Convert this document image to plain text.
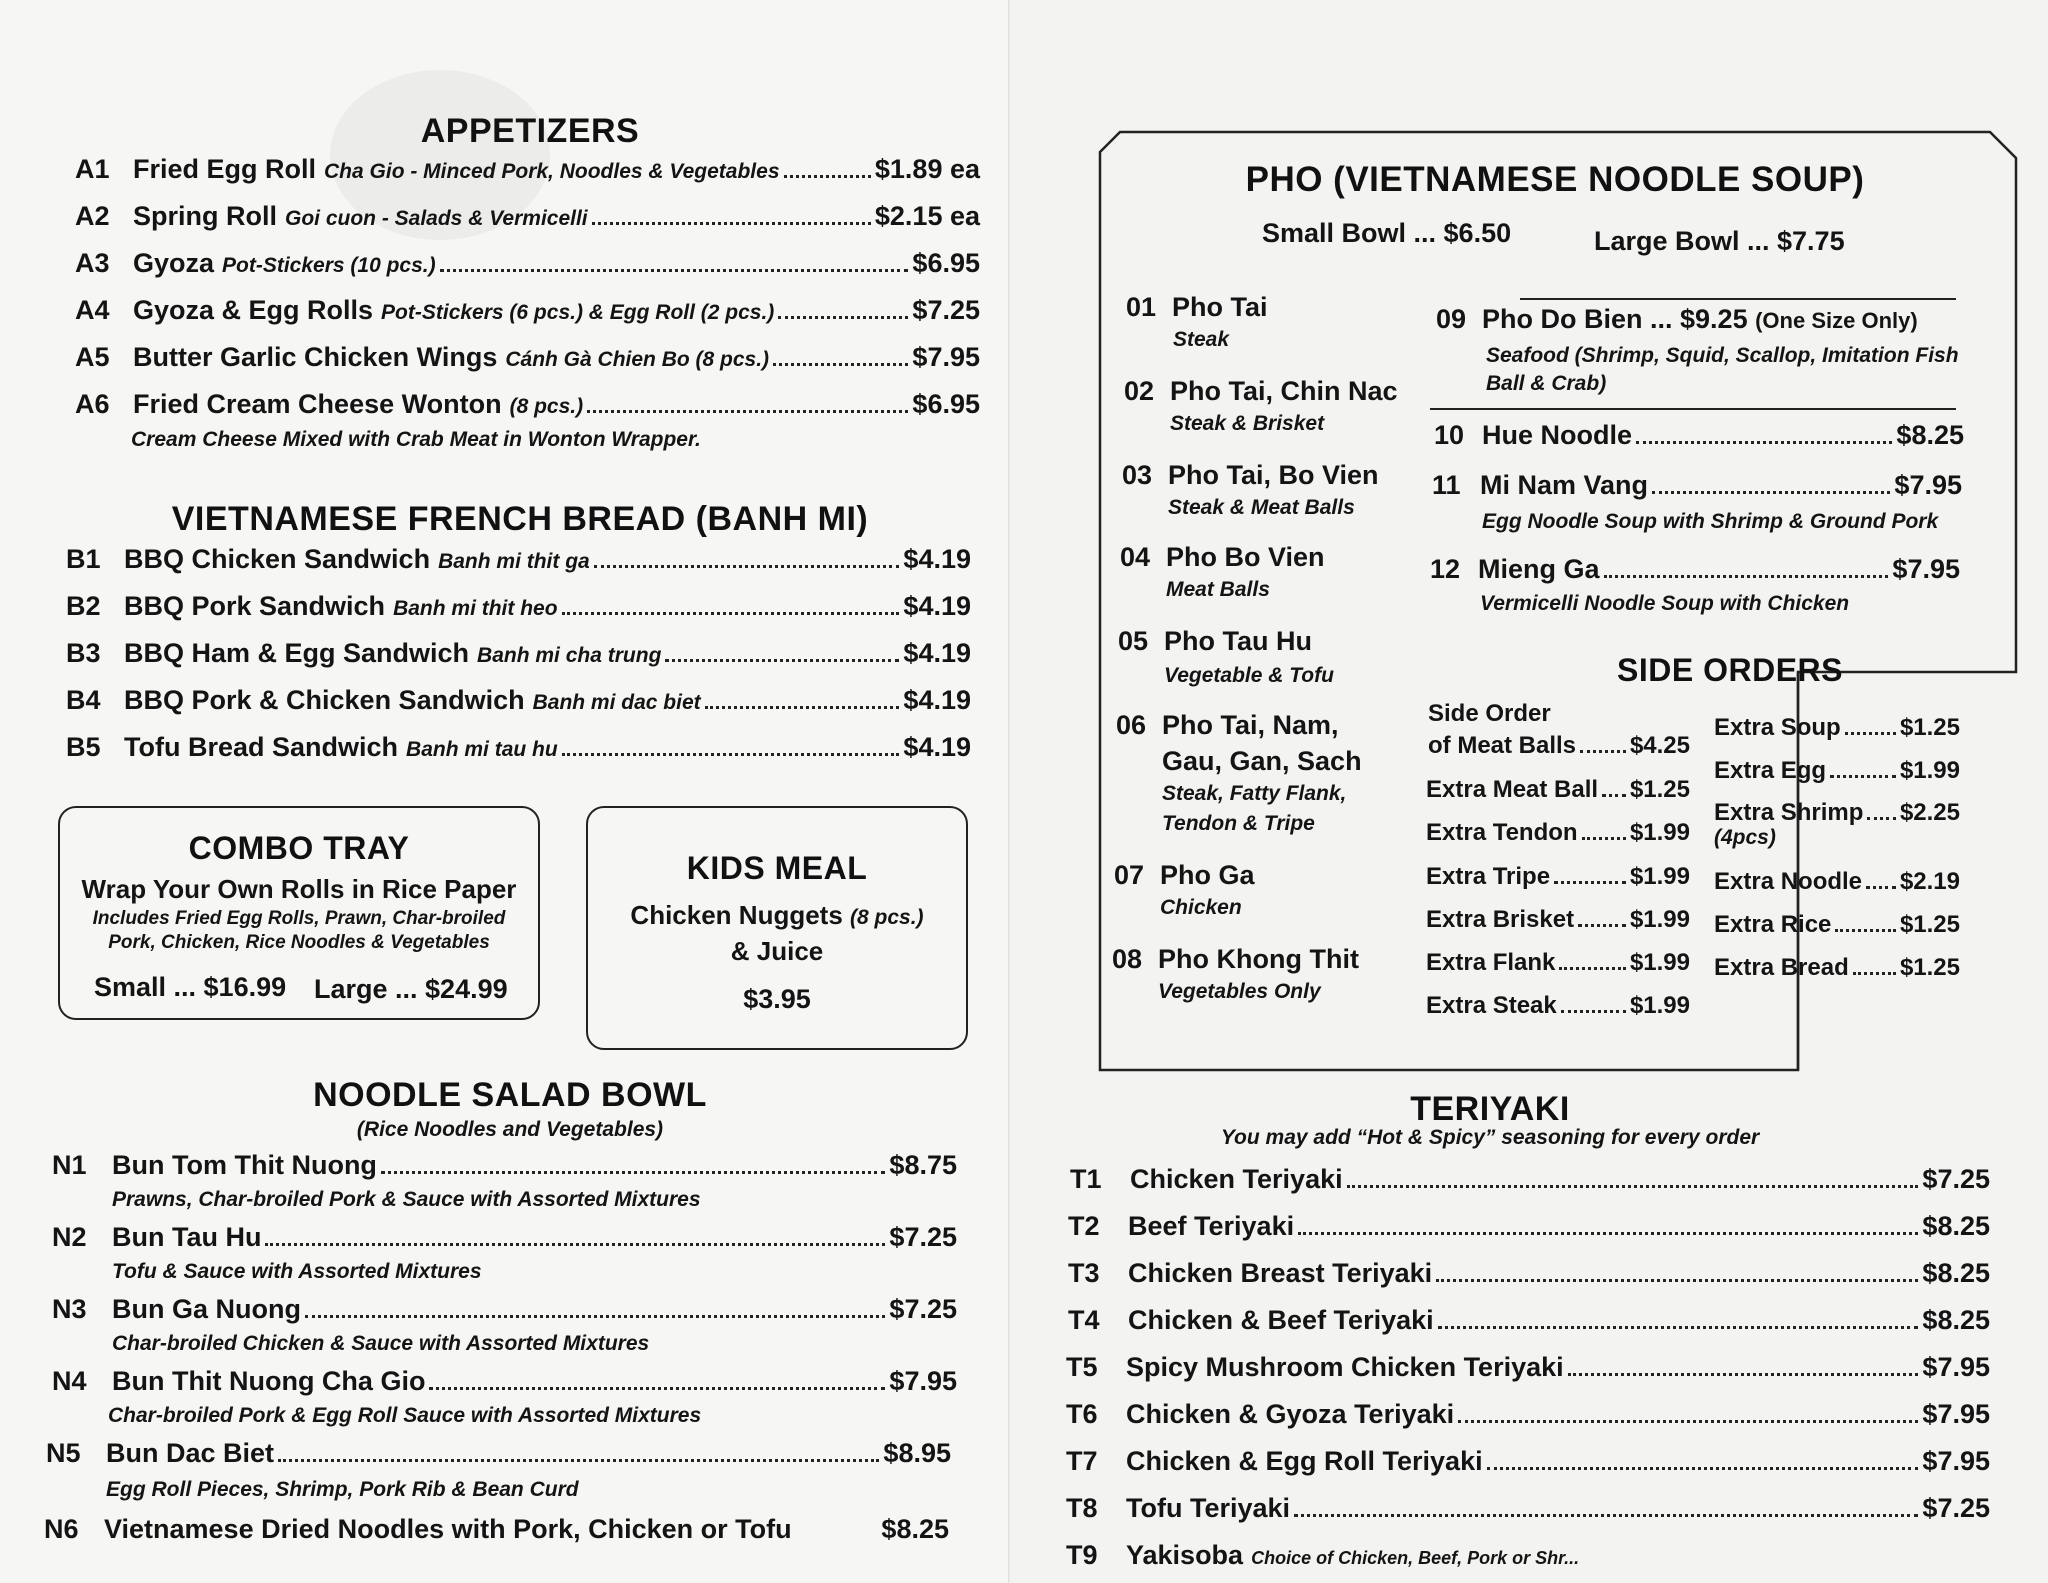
APPETIZERS
A1 Fried Egg Roll Cha Gio - Minced Pork, Noodles & Vegetables	$1.89 ea
A2 Spring Roll Goi cuon - Salads & Vermicelli	$2.15 ea
A3 Gyoza Pot-Stickers (10 pcs.)	$6.95
A4 Gyoza & Egg Rolls Pot-Stickers (6 pcs.) & Egg Roll (2 pcs.)	$7.25
A5 Butter Garlic Chicken Wings Cánh Gà Chien Bo (8 pcs.)	$7.95
A6 Fried Cream Cheese Wonton (8 pcs.)	$6.95
Cream Cheese Mixed with Crab Meat in Wonton Wrapper.
VIETNAMESE FRENCH BREAD (BANH MI)
B1 BBQ Chicken Sandwich Banh mi thit ga	$4.19
B2 BBQ Pork Sandwich Banh mi thit heo	$4.19
B3 BBQ Ham & Egg Sandwich Banh mi cha trung	$4.19
B4 BBQ Pork & Chicken Sandwich Banh mi dac biet	$4.19
B5 Tofu Bread Sandwich Banh mi tau hu	$4.19
COMBO TRAY
Wrap Your Own Rolls in Rice Paper
Includes Fried Egg Rolls, Prawn, Char-broiled
Pork, Chicken, Rice Noodles & Vegetables
Small ... $16.99 Large ... $24.99
KIDS MEAL
Chicken Nuggets (8 pcs.)
& Juice
$3.95
NOODLE SALAD BOWL
(Rice Noodles and Vegetables)
N1 Bun Tom Thit Nuong	$8.75
Prawns, Char-broiled Pork & Sauce with Assorted Mixtures
N2 Bun Tau Hu	$7.25
Tofu & Sauce with Assorted Mixtures
N3 Bun Ga Nuong	$7.25
Char-broiled Chicken & Sauce with Assorted Mixtures
N4 Bun Thit Nuong Cha Gio	$7.95
Char-broiled Pork & Egg Roll Sauce with Assorted Mixtures
N5 Bun Dac Biet	$8.95
Egg Roll Pieces, Shrimp, Pork Rib & Bean Curd
N6 Vietnamese Dried Noodles with Pork, Chicken or Tofu	$8.25
PHO (VIETNAMESE NOODLE SOUP)
Small Bowl ... $6.50	Large Bowl ... $7.75
01 Pho Tai
Steak
02 Pho Tai, Chin Nac
Steak & Brisket
03 Pho Tai, Bo Vien
Steak & Meat Balls
04 Pho Bo Vien
Meat Balls
05 Pho Tau Hu
Vegetable & Tofu
06 Pho Tai, Nam,
Gau, Gan, Sach
Steak, Fatty Flank,
Tendon & Tripe
07 Pho Ga
Chicken
08 Pho Khong Thit
Vegetables Only
09 Pho Do Bien ... $9.25 (One Size Only)
Seafood (Shrimp, Squid, Scallop, Imitation Fish
Ball & Crab)
10 Hue Noodle	$8.25
11 Mi Nam Vang	$7.95
Egg Noodle Soup with Shrimp & Ground Pork
12 Mieng Ga	$7.95
Vermicelli Noodle Soup with Chicken
SIDE ORDERS
Side Order
of Meat Balls $4.25
Extra Meat Ball $1.25
Extra Tendon $1.99
Extra Tripe	$1.99
Extra Brisket $1.99
Extra Flank	$1.99
Extra Steak	$1.99
Extra Soup $1.25
Extra Egg	$1.99
Extra Shrimp $2.25
(4pcs)
Extra Noodle $2.19
Extra Rice	$1.25
Extra Bread $1.25
TERIYAKI
You may add “Hot & Spicy” seasoning for every order
T1	Chicken Teriyaki	$7.25
T2	Beef Teriyaki	$8.25
T3	Chicken Breast Teriyaki	$8.25
T4	Chicken & Beef Teriyaki	$8.25
T5	Spicy Mushroom Chicken Teriyaki	$7.95
T6	Chicken & Gyoza Teriyaki	$7.95
T7	Chicken & Egg Roll Teriyaki	$7.95
T8	Tofu Teriyaki	$7.25
T9	Yakisoba Choice of Chicken, Beef, Pork or Shr...
